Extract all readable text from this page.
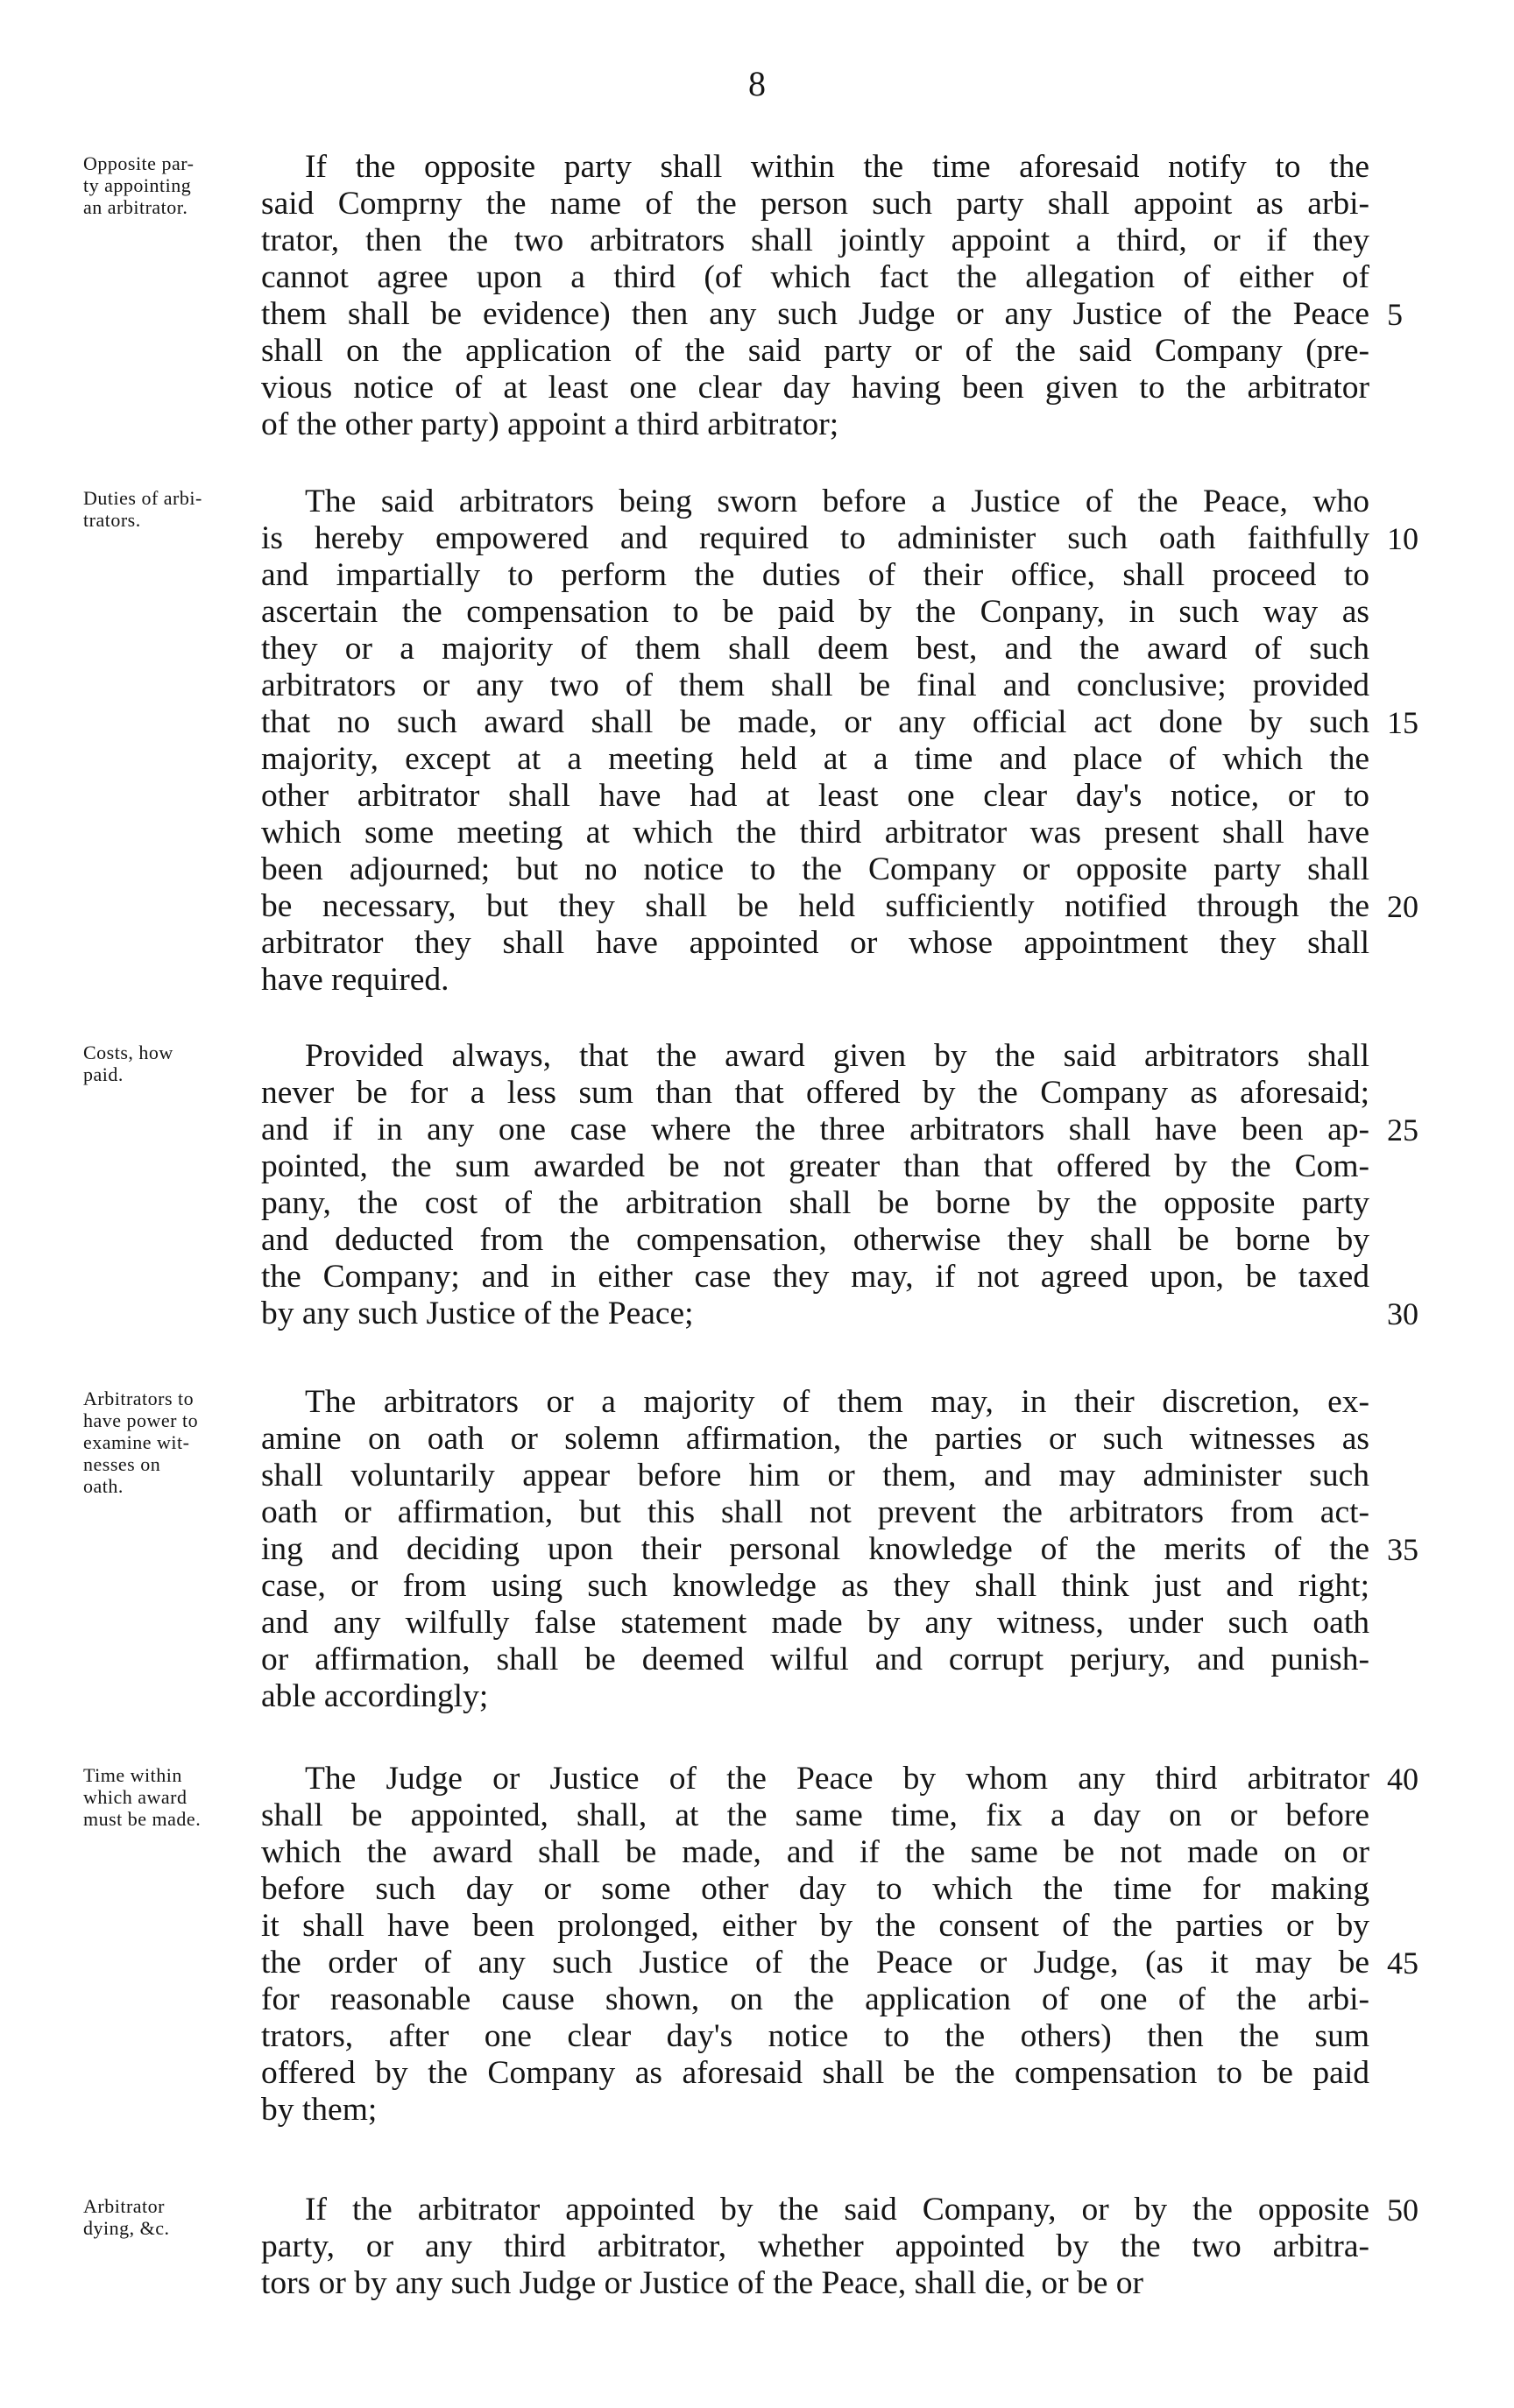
8
Opposite par-
ty appointing
an arbitrator.
If the opposite party shall within the time aforesaid notify to the
said Comprny the name of the person such party shall appoint as arbi-
trator, then the two arbitrators shall jointly appoint a third, or if they
cannot agree upon a third (of which fact the allegation of either of
them shall be evidence) then any such Judge or any Justice of the Peace 5
shall on the application of the said party or of the said Company (pre-
vious notice of at least one clear day having been given to the arbitrator
of the other party) appoint a third arbitrator;
Duties of arbi-
trators.
The said arbitrators being sworn before a Justice of the Peace, who
is hereby empowered and required to administer such oath faithfully 10
and impartially to perform the duties of their office, shall proceed to
ascertain the compensation to be paid by the Conpany, in such way as
they or a majority of them shall deem best, and the award of such
arbitrators or any two of them shall be final and conclusive; provided
that no such award shall be made, or any official act done by such 15
majority, except at a meeting held at a time and place of which the
other arbitrator shall have had at least one clear day's notice, or to
which some meeting at which the third arbitrator was present shall have
been adjourned; but no notice to the Company or opposite party shall
be necessary, but they shall be held sufficiently notified through the 20
arbitrator they shall have appointed or whose appointment they shall
have required.
Costs, how
paid.
Provided always, that the award given by the said arbitrators shall
never be for a less sum than that offered by the Company as aforesaid;
and if in any one case where the three arbitrators shall have been ap- 25
pointed, the sum awarded be not greater than that offered by the Com-
pany, the cost of the arbitration shall be borne by the opposite party
and deducted from the compensation, otherwise they shall be borne by
the Company; and in either case they may, if not agreed upon, be taxed
by any such Justice of the Peace;	30
Arbitrators to
have power to
examine wit-
nesses on
oath.
The arbitrators or a majority of them may, in their discretion, ex-
amine on oath or solemn affirmation, the parties or such witnesses as
shall voluntarily appear before him or them, and may administer such
oath or affirmation, but this shall not prevent the arbitrators from act-
ing and deciding upon their personal knowledge of the merits of the 35
case, or from using such knowledge as they shall think just and right;
and any wilfully false statement made by any witness, under such oath
or affirmation, shall be deemed wilful and corrupt perjury, and punish-
able accordingly;
Time within
which award
must be made.
The Judge or Justice of the Peace by whom any third arbitrator 40
shall be appointed, shall, at the same time, fix a day on or before
which the award shall be made, and if the same be not made on or
before such day or some other day to which the time for making
it shall have been prolonged, either by the consent of the parties or by
the order of any such Justice of the Peace or Judge, (as it may be 45
for reasonable cause shown, on the application of one of the arbi-
trators, after one clear day's notice to the others) then the sum
offered by the Company as aforesaid shall be the compensation to be paid
by them;
Arbitrator
dying, &c.
If the arbitrator appointed by the said Company, or by the opposite 50
party, or any third arbitrator, whether appointed by the two arbitra-
tors or by any such Judge or Justice of the Peace, shall die, or be or
